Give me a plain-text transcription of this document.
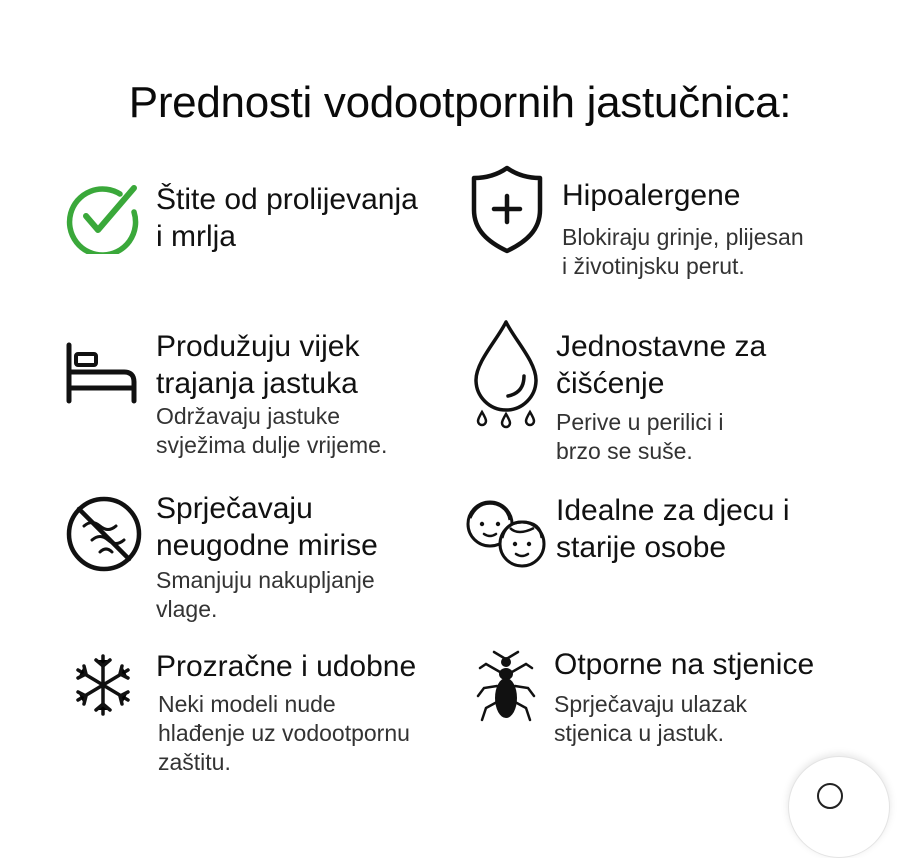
Prednosti vodootpornih jastučnica:
Štite od prolijevanja
i mrlja
Hipoalergene
Blokiraju grinje, plijesan
i životinjsku perut.
Produžuju vijek
trajanja jastuka
Održavaju jastuke
svježima dulje vrijeme.
Jednostavne za
čišćenje
Perive u perilici i
brzo se suše.
Sprječavaju
neugodne mirise
Smanjuju nakupljanje
vlage.
Idealne za djecu i
starije osobe
Prozračne i udobne
Neki modeli nude
hlađenje uz vodootpornu
zaštitu.
Otporne na stjenice
Sprječavaju ulazak
stjenica u jastuk.
